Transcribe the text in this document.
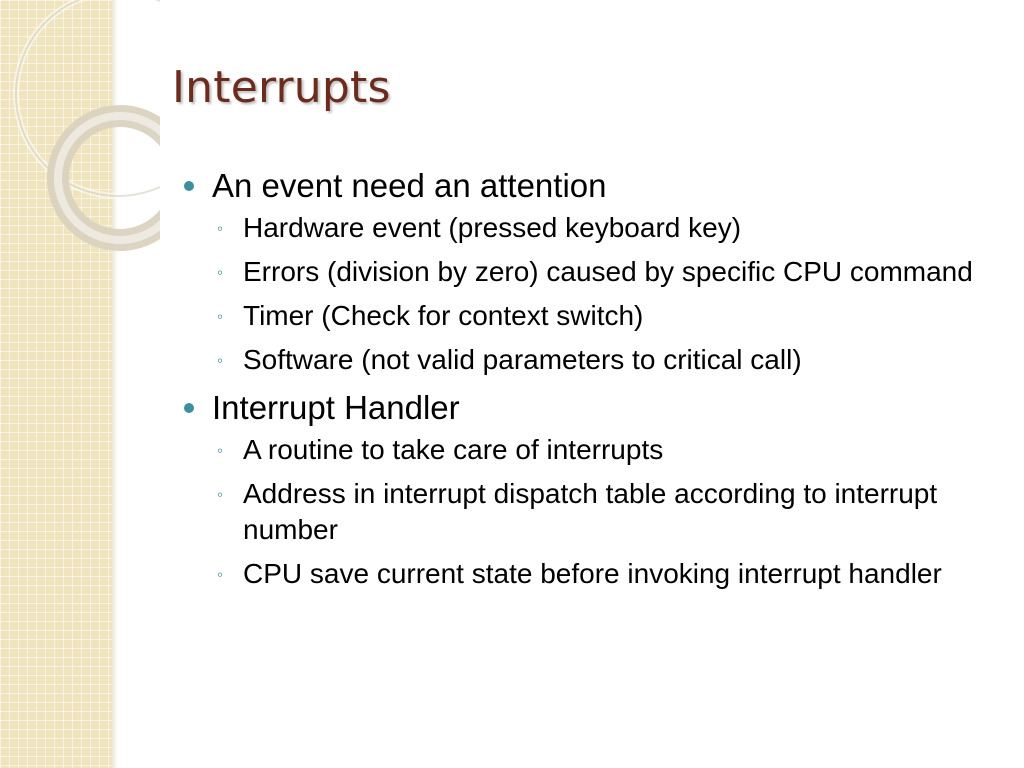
Interrupts
An event need an attention
◦ Hardware event (pressed keyboard key)
◦ Errors (division by zero) caused by specific CPU command
◦ Timer (Check for context switch)
◦ Software (not valid parameters to critical call)
Interrupt Handler
◦ A routine to take care of interrupts
◦ Address in interrupt dispatch table according to interrupt number
◦ CPU save current state before invoking interrupt handler
